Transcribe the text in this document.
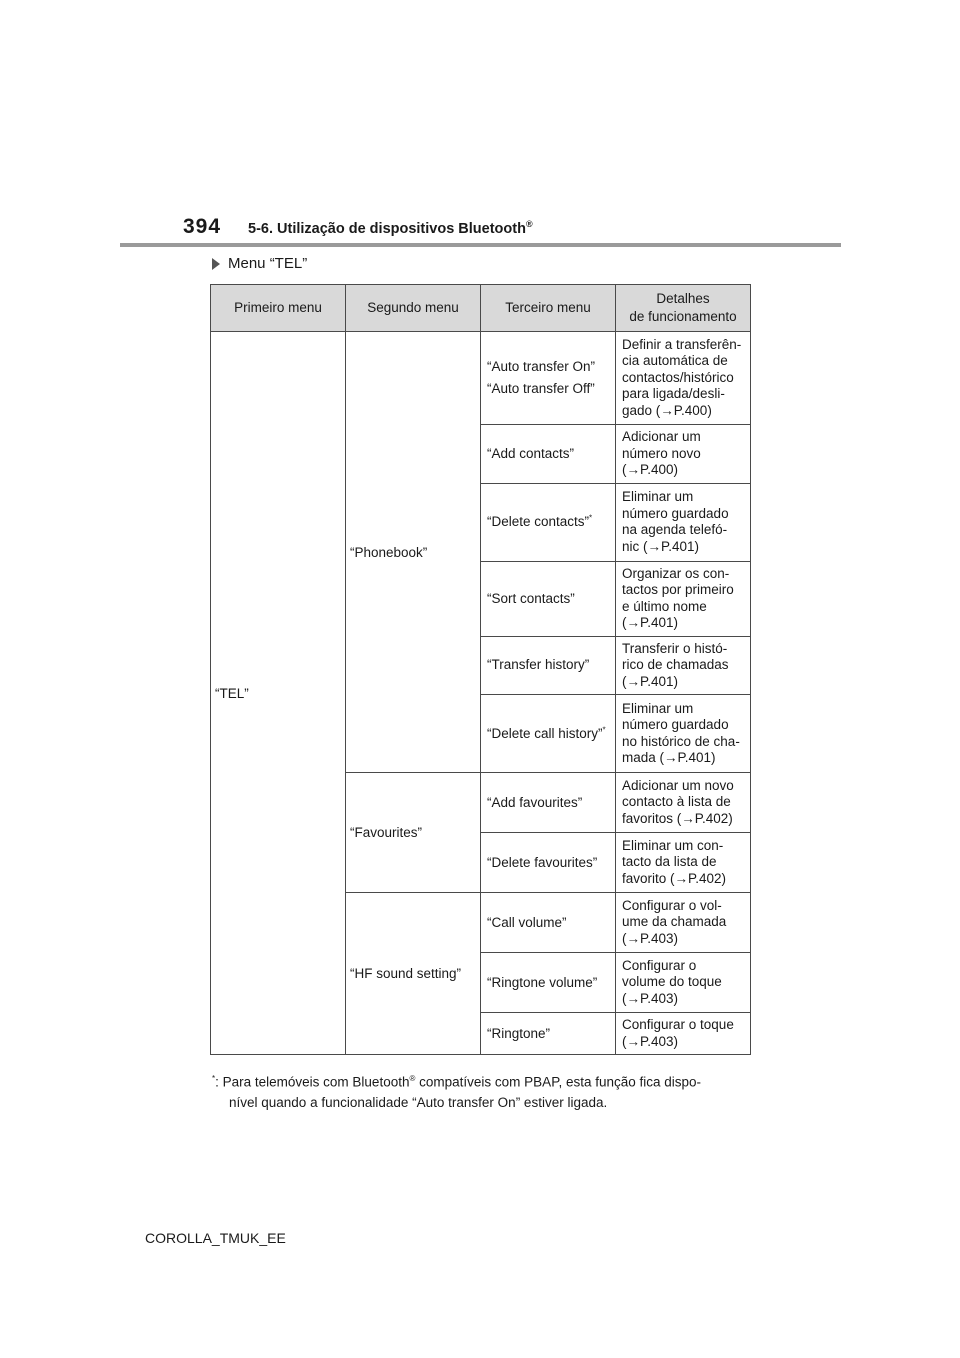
394 5-6. Utilização de dispositivos Bluetooth®
Menu “TEL”
Primeiro menu	Segundo menu	Terceiro menu	Detalhes
de funcionamento
“TEL”	“Phonebook”	“Auto transfer On”
“Auto transfer Off”	Definir a transferên-
cia automática de
contactos/histórico
para ligada/desli-
gado (→P.400)
		“Add contacts”	Adicionar um
número novo
(→P.400)
		“Delete contacts”*	Eliminar um
número guardado
na agenda telefó-
nic (→P.401)
		“Sort contacts”	Organizar os con-
tactos por primeiro
e último nome
(→P.401)
		“Transfer history”	Transferir o histó-
rico de chamadas
(→P.401)
		“Delete call history”*	Eliminar um
número guardado
no histórico de cha-
mada (→P.401)
	“Favourites”	“Add favourites”	Adicionar um novo
contacto à lista de
favoritos (→P.402)
		“Delete favourites”	Eliminar um con-
tacto da lista de
favorito (→P.402)
	“HF sound setting”	“Call volume”	Configurar o vol-
ume da chamada
(→P.403)
		“Ringtone volume”	Configurar o
volume do toque
(→P.403)
		“Ringtone”	Configurar o toque
(→P.403)
*: Para telemóveis com Bluetooth® compatíveis com PBAP, esta função fica dispo-
nível quando a funcionalidade “Auto transfer On” estiver ligada.
COROLLA_TMUK_EE
